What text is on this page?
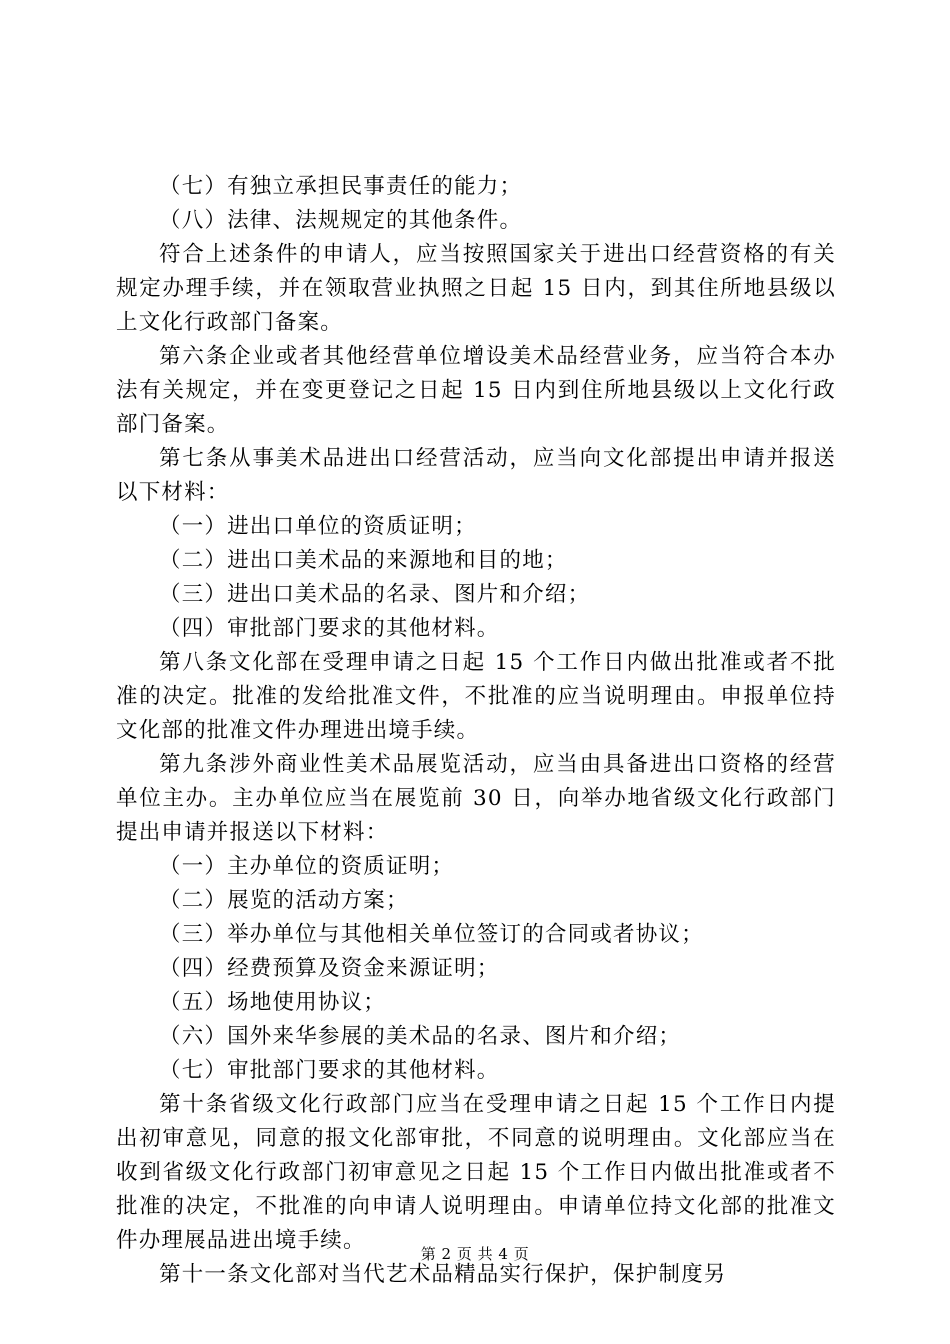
（七）有独立承担民事责任的能力；

（八）法律、法规规定的其他条件。

符合上述条件的申请人，应当按照国家关于进出口经营资格的有关规定办理手续，并在领取营业执照之日起 15 日内，到其住所地县级以上文化行政部门备案。

第六条企业或者其他经营单位增设美术品经营业务，应当符合本办法有关规定，并在变更登记之日起 15 日内到住所地县级以上文化行政部门备案。

第七条从事美术品进出口经营活动，应当向文化部提出申请并报送以下材料：

（一）进出口单位的资质证明；

（二）进出口美术品的来源地和目的地；

（三）进出口美术品的名录、图片和介绍；

（四）审批部门要求的其他材料。

第八条文化部在受理申请之日起 15 个工作日内做出批准或者不批准的决定。批准的发给批准文件，不批准的应当说明理由。申报单位持文化部的批准文件办理进出境手续。

第九条涉外商业性美术品展览活动，应当由具备进出口资格的经营单位主办。主办单位应当在展览前 30 日，向举办地省级文化行政部门提出申请并报送以下材料：

（一）主办单位的资质证明；

（二）展览的活动方案；

（三）举办单位与其他相关单位签订的合同或者协议；

（四）经费预算及资金来源证明；

（五）场地使用协议；

（六）国外来华参展的美术品的名录、图片和介绍；

（七）审批部门要求的其他材料。

第十条省级文化行政部门应当在受理申请之日起 15 个工作日内提出初审意见，同意的报文化部审批，不同意的说明理由。文化部应当在收到省级文化行政部门初审意见之日起 15 个工作日内做出批准或者不批准的决定，不批准的向申请人说明理由。申请单位持文化部的批准文件办理展品进出境手续。

第十一条文化部对当代艺术品精品实行保护，保护制度另

第 2 页 共 4 页
